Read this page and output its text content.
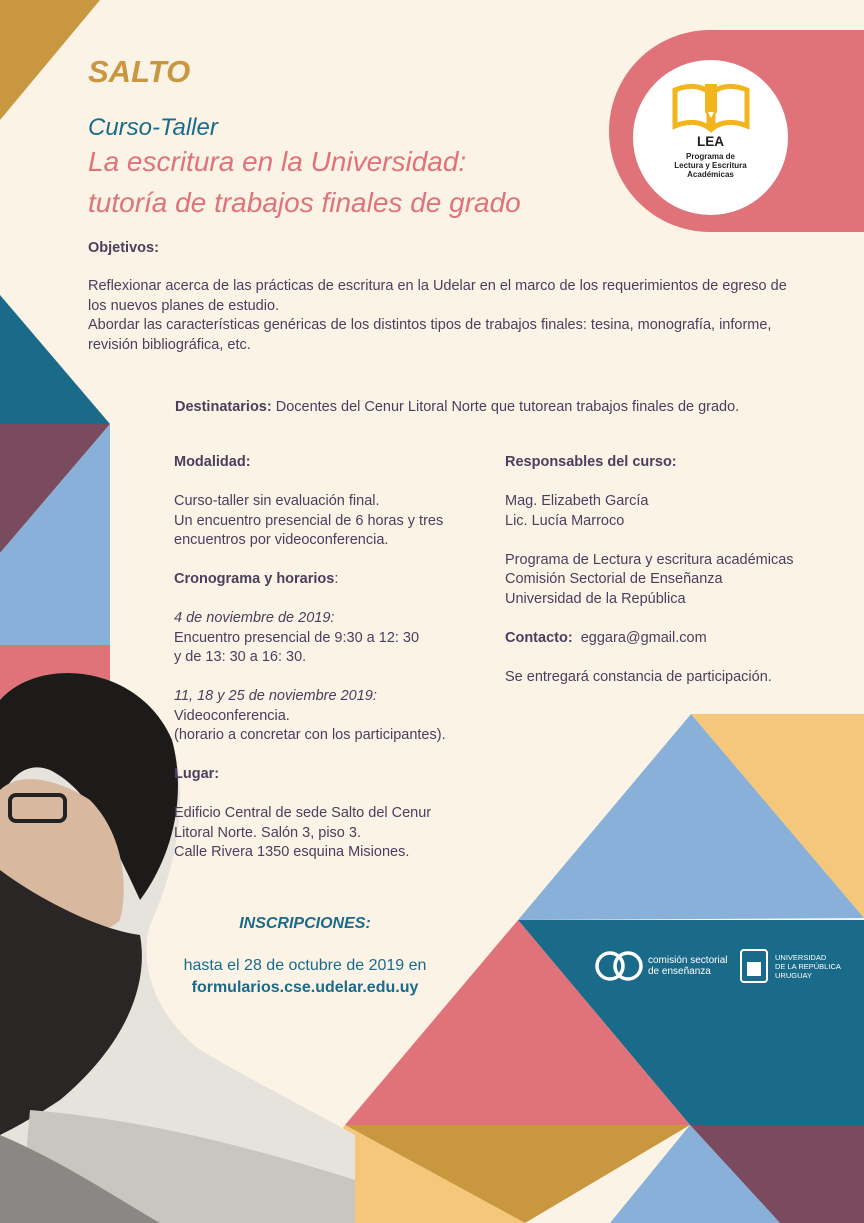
SALTO
Curso-Taller
La escritura en la Universidad:
tutoría de trabajos finales de grado
LEA
Programa de
Lectura y Escritura
Académicas
Objetivos:
Reflexionar acerca de las prácticas de escritura en la Udelar en el marco de los requerimientos de egreso de
los nuevos planes de estudio.
Abordar las características genéricas de los distintos tipos de trabajos finales: tesina, monografía, informe,
revisión bibliográfica, etc.
Destinatarios: Docentes del Cenur Litoral Norte que tutorean trabajos finales de grado.
Modalidad:
Curso-taller sin evaluación final.
Un encuentro presencial de 6 horas y tres
encuentros por videoconferencia.
Cronograma y horarios:
4 de noviembre de 2019:
Encuentro presencial de 9:30 a 12: 30
y de 13: 30 a 16: 30.
11, 18 y 25 de noviembre 2019:
Videoconferencia.
(horario a concretar con los participantes).
Lugar:
Edificio Central de sede Salto del Cenur
Litoral Norte. Salón 3, piso 3.
Calle Rivera 1350 esquina Misiones.
Responsables del curso:
Mag. Elizabeth García
Lic. Lucía Marroco
Programa de Lectura y escritura académicas
Comisión Sectorial de Enseñanza
Universidad de la República
Contacto: eggara@gmail.com
Se entregará constancia de participación.
INSCRIPCIONES:
hasta el 28 de octubre de 2019 en
formularios.cse.udelar.edu.uy
comisión sectorial
de enseñanza
UNIVERSIDAD
DE LA REPÚBLICA
URUGUAY
